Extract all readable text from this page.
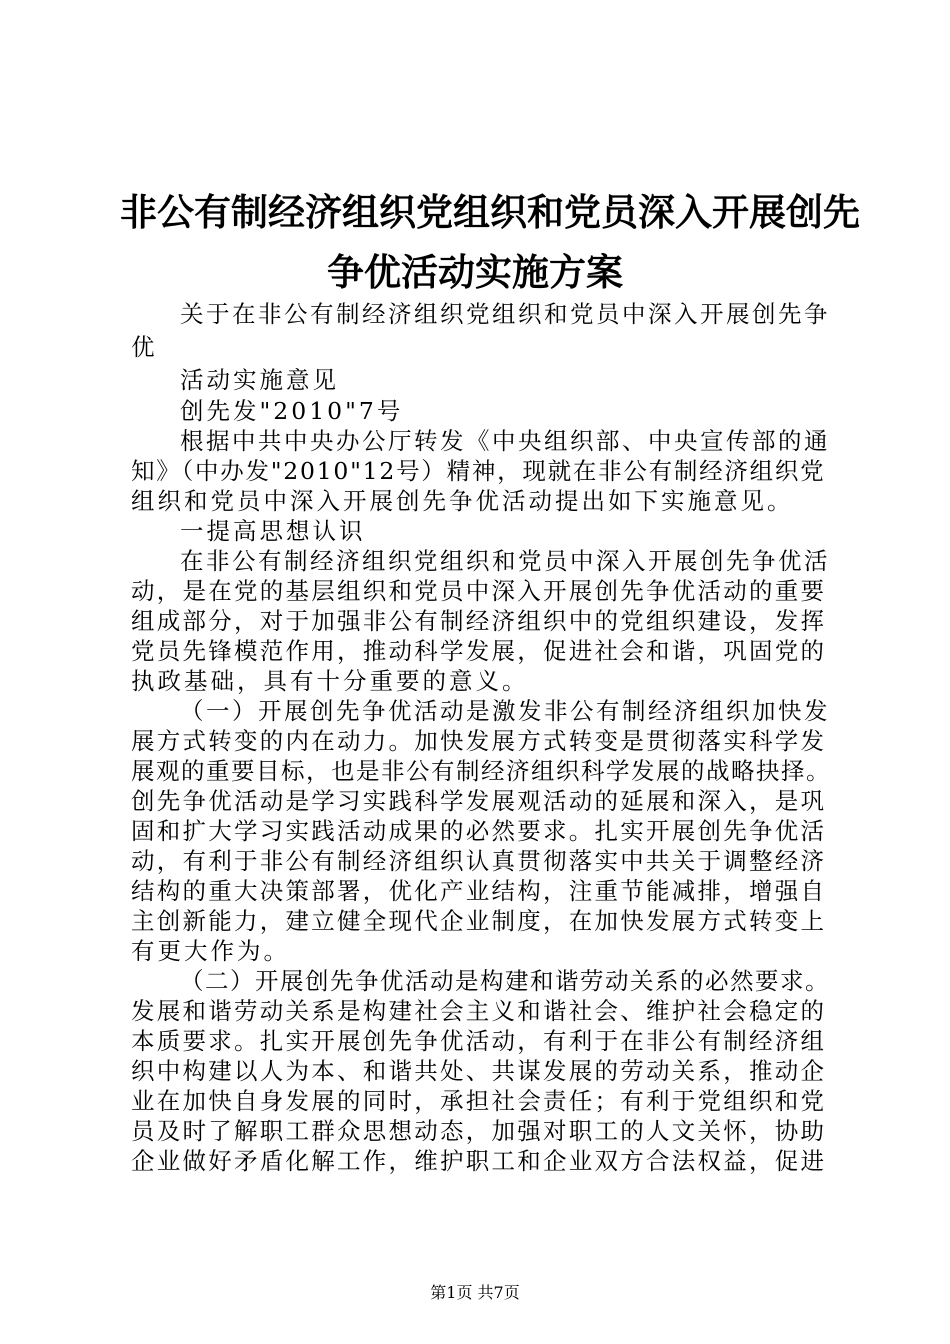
非公有制经济组织党组织和党员深入开展创先
争优活动实施方案
关于在非公有制经济组织党组织和党员中深入开展创先争
优
活动实施意见
创先发"2010"7号
根据中共中央办公厅转发《中央组织部、中央宣传部的通
知》（中办发"2010"12号）精神，现就在非公有制经济组织党
组织和党员中深入开展创先争优活动提出如下实施意见。
一提高思想认识
在非公有制经济组织党组织和党员中深入开展创先争优活
动，是在党的基层组织和党员中深入开展创先争优活动的重要
组成部分，对于加强非公有制经济组织中的党组织建设，发挥
党员先锋模范作用，推动科学发展，促进社会和谐，巩固党的
执政基础，具有十分重要的意义。
（一）开展创先争优活动是激发非公有制经济组织加快发
展方式转变的内在动力。加快发展方式转变是贯彻落实科学发
展观的重要目标，也是非公有制经济组织科学发展的战略抉择。
创先争优活动是学习实践科学发展观活动的延展和深入，是巩
固和扩大学习实践活动成果的必然要求。扎实开展创先争优活
动，有利于非公有制经济组织认真贯彻落实中共关于调整经济
结构的重大决策部署，优化产业结构，注重节能减排，增强自
主创新能力，建立健全现代企业制度，在加快发展方式转变上
有更大作为。
（二）开展创先争优活动是构建和谐劳动关系的必然要求。
发展和谐劳动关系是构建社会主义和谐社会、维护社会稳定的
本质要求。扎实开展创先争优活动，有利于在非公有制经济组
织中构建以人为本、和谐共处、共谋发展的劳动关系，推动企
业在加快自身发展的同时，承担社会责任；有利于党组织和党
员及时了解职工群众思想动态，加强对职工的人文关怀，协助
企业做好矛盾化解工作，维护职工和企业双方合法权益，促进
第1页 共7页
